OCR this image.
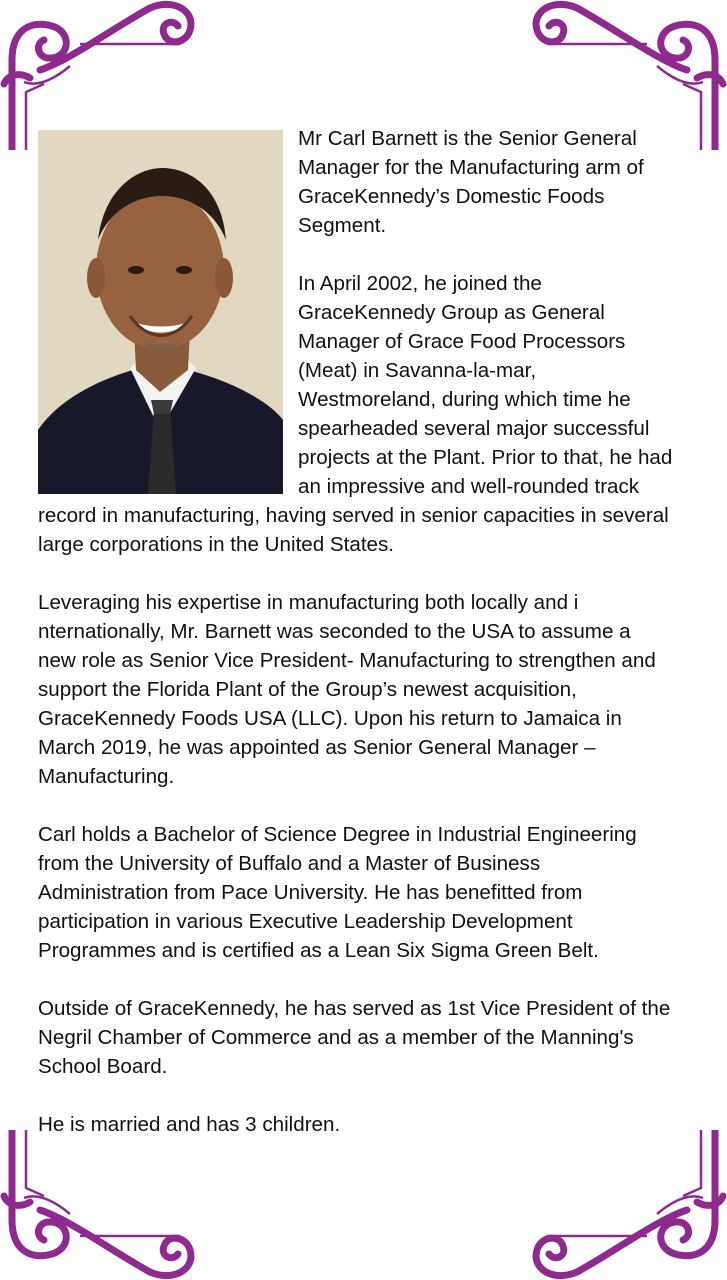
Mr Carl Barnett is the Senior General Manager for the Manufacturing arm of GraceKennedy’s Domestic Foods Segment.

In April 2002, he joined the GraceKennedy Group as General Manager of Grace Food Processors (Meat) in Savanna-la-mar, Westmoreland, during which time he spearheaded several major successful projects at the Plant. Prior to that, he had an impressive and well-rounded track record in manufacturing, having served in senior capacities in several large corporations in the United States.

Leveraging his expertise in manufacturing both locally and i nternationally, Mr. Barnett was seconded to the USA to assume a new role as Senior Vice President- Manufacturing to strengthen and support the Florida Plant of the Group’s newest acquisition, GraceKennedy Foods USA (LLC). Upon his return to Jamaica in March 2019, he was appointed as Senior General Manager – Manufacturing.

Carl holds a Bachelor of Science Degree in Industrial Engineering from the University of Buffalo and a Master of Business Administration from Pace University. He has benefitted from participation in various Executive Leadership Development Programmes and is certified as a Lean Six Sigma Green Belt.

Outside of GraceKennedy, he has served as 1st Vice President of the Negril Chamber of Commerce and as a member of the Manning's School Board.

He is married and has 3 children.
